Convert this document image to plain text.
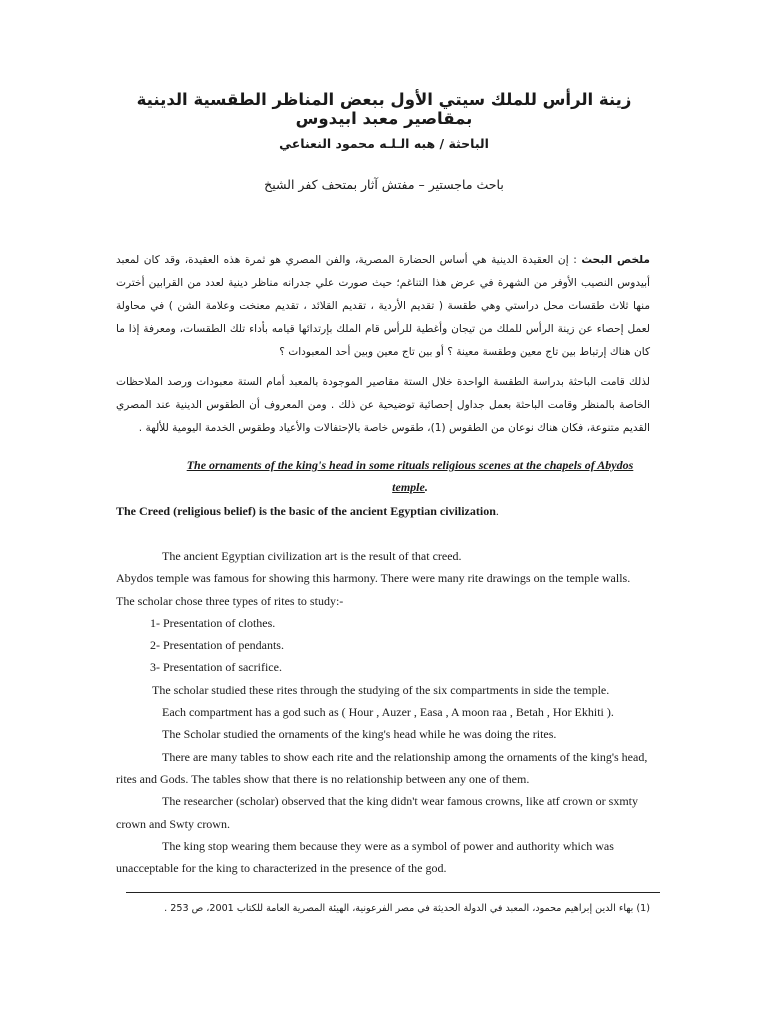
زينة الرأس للملك سيتي الأول ببعض المناظر الطقسية الدينية بمقاصير معبد ابيدوس
الباحثة / هبه الـلـه محمود النعناعي
باحث ماجستير – مفتش آثار بمتحف كفر الشيخ
ملخص البحث : إن العقيدة الدينية هي أساس الحضارة المصرية، والفن المصري هو ثمرة هذه العقيدة، وقد كان لمعبد أبيدوس النصيب الأوفر من الشهرة في عرض هذا التناغم؛ حيث صورت علي جدرانه مناظر دينية لعدد من القرابين أخترت منها ثلاث طقسات محل دراستي وهي طقسة ( تقديم الأردية ، تقديم القلائد ، تقديم معنخت وعلامة الشن ) في محاولة لعمل إحصاء عن زينة الرأس للملك من تيجان وأغطية للرأس قام الملك بإرتدائها قيامه بأداء تلك الطقسات، ومعرفة إذا ما كان هناك إرتباط بين تاج معين وطقسة معينة ؟ أو بين تاج معين وبين أحد المعبودات ؟
لذلك قامت الباحثة بدراسة الطقسة الواحدة خلال الستة مقاصير الموجودة بالمعبد أمام الستة معبودات ورصد الملاحظات الخاصة بالمنظر وقامت الباحثة بعمل جداول إحصائية توضيحية عن ذلك . ومن المعروف أن الطقوس الدينية عند المصري القديم متنوعة، فكان هناك نوعان من الطقوس (1)، طقوس خاصة بالإحتفالات والأعياد وطقوس الخدمة اليومية للألهة .
The ornaments of the king's head in some rituals religious scenes at the chapels of Abydos
temple.
The Creed (religious belief) is the basic of the ancient Egyptian civilization.

The ancient Egyptian civilization art is the result of that creed.

Abydos temple was famous for showing this harmony. There were many rite drawings on the temple walls.

The scholar chose three types of rites to study:-

1- Presentation of clothes.

2- Presentation of pendants.

3- Presentation of sacrifice.

The scholar studied these rites through the studying of the six compartments in side the temple.

Each compartment has a god such as ( Hour , Auzer , Easa , A moon raa , Betah , Hor Ekhiti ).

The Scholar studied the ornaments of the king's head while he was doing the rites.

There are many tables to show each rite and the relationship among the ornaments of the king's head, rites and Gods. The tables show that there is no relationship between any one of them.

The researcher (scholar) observed that the king didn't wear famous crowns, like atf crown or sxmty crown and Swty crown.

The king stop wearing them because they were as a symbol of power and authority which was unacceptable for the king to characterized in the presence of the god.

(1) بهاء الدين إبراهيم محمود، المعبد في الدولة الحديثة في مصر الفرعونية، الهيئة المصرية العامة للكتاب 2001، ص 253 .
